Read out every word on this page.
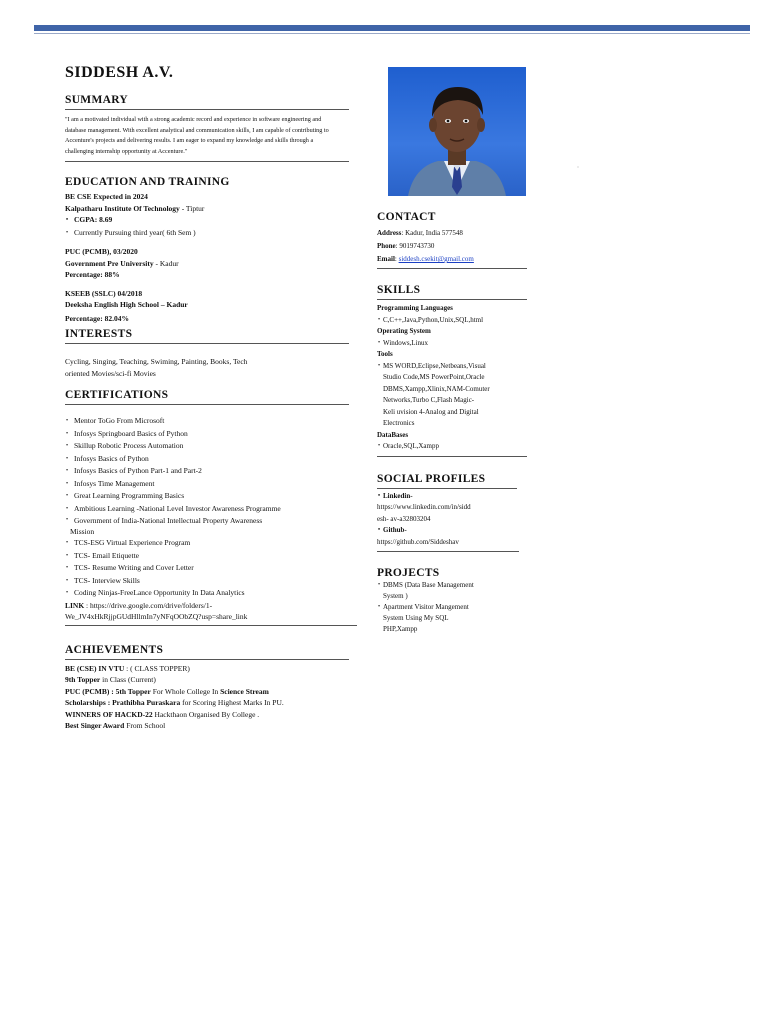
SIDDESH A.V.
SUMMARY
"I am a motivated individual with a strong academic record and experience in software engineering and database management. With excellent analytical and communication skills, I am capable of contributing to Accenture's projects and delivering results. I am eager to expand my knowledge and skills through a challenging internship opportunity at Accenture."
EDUCATION AND TRAINING
BE CSE Expected in 2024
Kalpatharu Institute Of Technology - Tiptur
• CGPA: 8.69
• Currently Pursuing third year( 6th Sem )
PUC (PCMB), 03/2020
Government Pre University - Kadur
Percentage: 88%
KSEEB (SSLC) 04/2018
Deeksha English High School – Kadur
Percentage: 82.04%
INTERESTS
Cycling, Singing, Teaching, Swiming, Painting, Books, Tech
oriented Movies/sci-fi Movies
CERTIFICATIONS
• Mentor ToGo From Microsoft
• Infosys Springboard Basics of Python
• Skillup Robotic Process Automation
• Infosys Basics of Python
• Infosys Basics of Python Part-1 and Part-2
• Infosys Time Management
• Great Learning Programming Basics
• Ambitious Learning -National Level Investor Awareness Programme
• Government of India-National Intellectual Property Awareness
Mission
• TCS-ESG Virtual Experience Program
• TCS- Email Etiquette
• TCS- Resume Writing and Cover Letter
• TCS- Interview Skills
• Coding Ninjas-FreeLance Opportunity In Data Analytics
LINK : https://drive.google.com/drive/folders/1-
We_JV4xHkRjjpGUdHllmIn7yNFqOObZQ?usp=share_link
ACHIEVEMENTS
BE (CSE) IN VTU : ( CLASS TOPPER)
9th Topper in Class (Current)
PUC (PCMB) : 5th Topper For Whole College In Science Stream
Scholarships : Prathibha Puraskara for Scoring Highest Marks In PU.
WINNERS OF HACKD-22 Hackthaon Organised By College .
Best Singer Award From School
ˈ
CONTACT
Address: Kadur, India 577548
Phone: 9019743730
Email: siddesh.csekit@gmail.com
SKILLS
Programming Languages
• C,C++,Java,Python,Unix,SQL,html
Operating System
• Windows,Linux
Tools
• MS WORD,Eclipse,Netbeans,Visual
Studio Code,MS PowerPoint,Oracle
DBMS,Xampp,Xlinix,NAM-Comuter
Networks,Turbo C,Flash Magic-
Keli uvision 4-Analog and Digital
Electronics
DataBases
• Oracle,SQL,Xampp
SOCIAL PROFILES
• Linkedin-
https://www.linkedin.com/in/sidd
esh- av-a32803204
• Github-
https://github.com/Siddeshav
PROJECTS
• DBMS (Data Base Management
System )
• Apartment Visitor Mangement
System Using My SQL
PHP,Xampp
